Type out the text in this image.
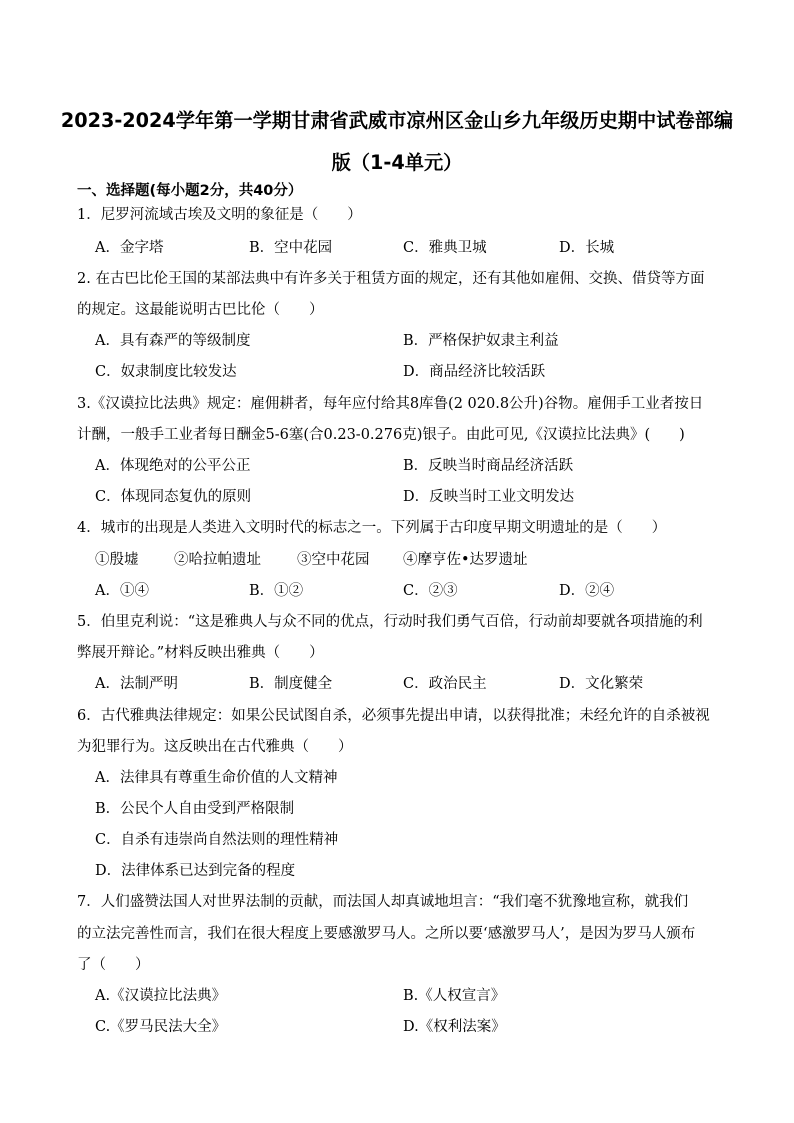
2023-2024学年第一学期甘肃省武威市凉州区金山乡九年级历史期中试卷部编
版（1-4单元）
一、选择题(每小题2分，共40分）
1．尼罗河流域古埃及文明的象征是（　　）
A．金字塔	B．空中花园	C．雅典卫城	D．长城
2. 在古巴比伦王国的某部法典中有许多关于租赁方面的规定，还有其他如雇佣、交换、借贷等方面
的规定。这最能说明古巴比伦（　　）
A．具有森严的等级制度	B．严格保护奴隶主利益
C．奴隶制度比较发达	D．商品经济比较活跃
3.《汉谟拉比法典》规定：雇佣耕者，每年应付给其8库鲁(2 020.8公升)谷物。雇佣手工业者按日
计酬，一般手工业者每日酬金5-6塞(合0.23-0.276克)银子。由此可见,《汉谟拉比法典》(　　)
A．体现绝对的公平公正	B．反映当时商品经济活跃
C．体现同态复仇的原则	D．反映当时工业文明发达
4．城市的出现是人类进入文明时代的标志之一。下列属于古印度早期文明遗址的是（　　）
①殷墟 ②哈拉帕遗址 ③空中花园 ④摩亨佐•达罗遗址
A．①④	B．①②	C．②③	D．②④
5．伯里克利说：“这是雅典人与众不同的优点，行动时我们勇气百倍，行动前却要就各项措施的利
弊展开辩论。”材料反映出雅典（　　）
A．法制严明	B．制度健全	C．政治民主	D．文化繁荣
6．古代雅典法律规定：如果公民试图自杀，必须事先提出申请，以获得批准；未经允许的自杀被视
为犯罪行为。这反映出在古代雅典（　　）
A．法律具有尊重生命价值的人文精神
B．公民个人自由受到严格限制
C．自杀有违崇尚自然法则的理性精神
D．法律体系已达到完备的程度
7．人们盛赞法国人对世界法制的贡献，而法国人却真诚地坦言：“我们毫不犹豫地宣称，就我们
的立法完善性而言，我们在很大程度上要感激罗马人。之所以要‘感激罗马人’，是因为罗马人颁布
了（　　）
A.《汉谟拉比法典》	B.《人权宣言》
C.《罗马民法大全》	D.《权利法案》
